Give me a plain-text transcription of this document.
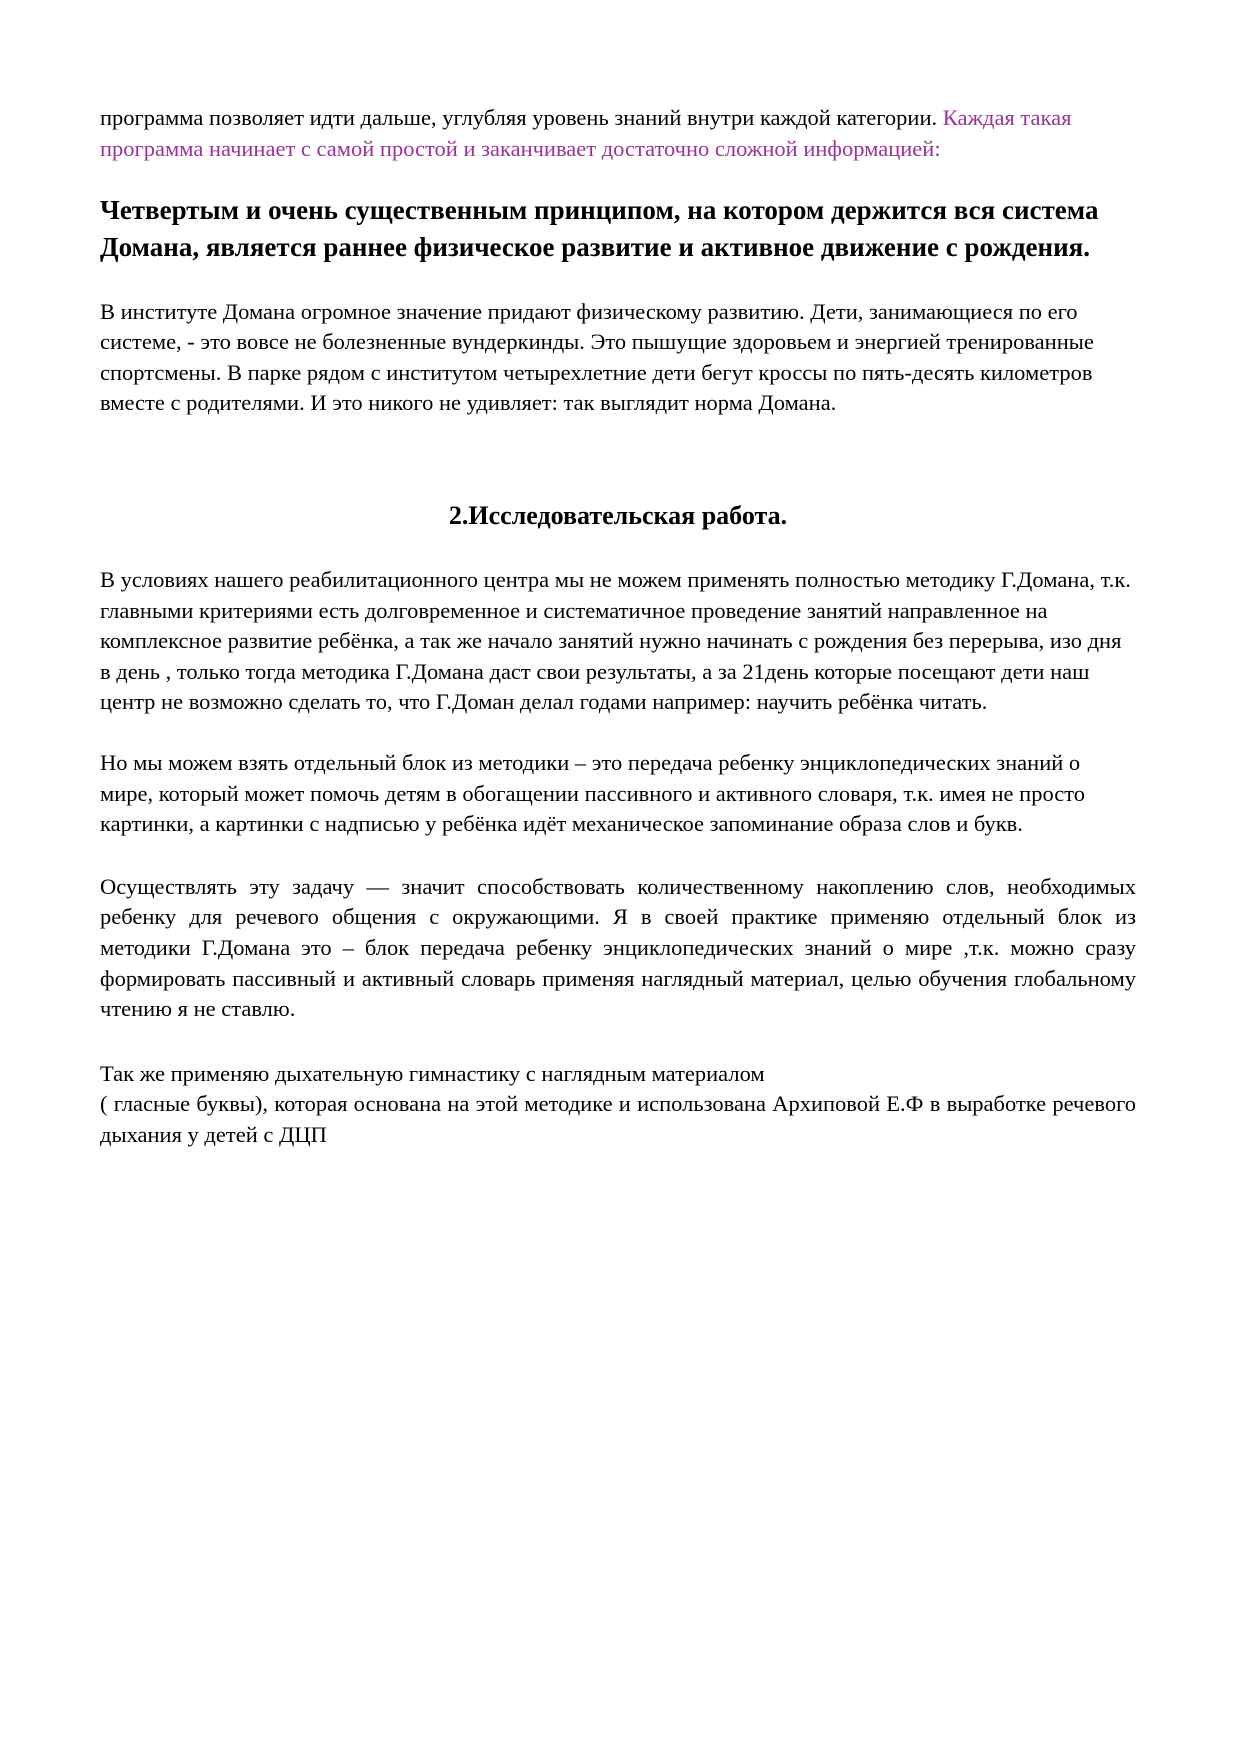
программа позволяет идти дальше, углубляя уровень знаний внутри каждой категории. Каждая такая программа начинает с самой простой и заканчивает достаточно сложной информацией:

Четвертым и очень существенным принципом, на котором держится вся система Домана, является раннее физическое развитие и активное движение с рождения.

В институте Домана огромное значение придают физическому развитию. Дети, занимающиеся по его системе, - это вовсе не болезненные вундеркинды. Это пышущие здоровьем и энергией тренированные спортсмены. В парке рядом с институтом четырехлетние дети бегут кроссы по пять-десять километров вместе с родителями. И это никого не удивляет: так выглядит норма Домана.

2.Исследовательская работа.

В условиях нашего реабилитационного центра мы не можем применять полностью методику Г.Домана, т.к. главными критериями есть долговременное и систематичное проведение занятий направленное на комплексное развитие ребёнка, а так же начало занятий нужно начинать с рождения без перерыва, изо дня в день , только тогда методика Г.Домана даст свои результаты, а за 21день которые посещают дети наш центр не возможно сделать то, что Г.Доман делал годами например: научить ребёнка читать.

Но мы можем взять отдельный блок из методики – это передача ребенку энциклопедических знаний о мире, который может помочь детям в обогащении пассивного и активного словаря, т.к. имея не просто картинки, а картинки с надписью у ребёнка идёт механическое запоминание образа слов и букв.

Осуществлять эту задачу — значит способствовать количественному накоплению слов, необходимых ребенку для речевого общения с окружающими. Я в своей практике применяю отдельный блок из методики Г.Домана это – блок передача ребенку энциклопедических знаний о мире ,т.к. можно сразу формировать пассивный и активный словарь применяя наглядный материал, целью обучения глобальному чтению я не ставлю.

Так же применяю дыхательную гимнастику с наглядным материалом
( гласные буквы), которая основана на этой методике и использована Архиповой Е.Ф в выработке речевого дыхания у детей с ДЦП
